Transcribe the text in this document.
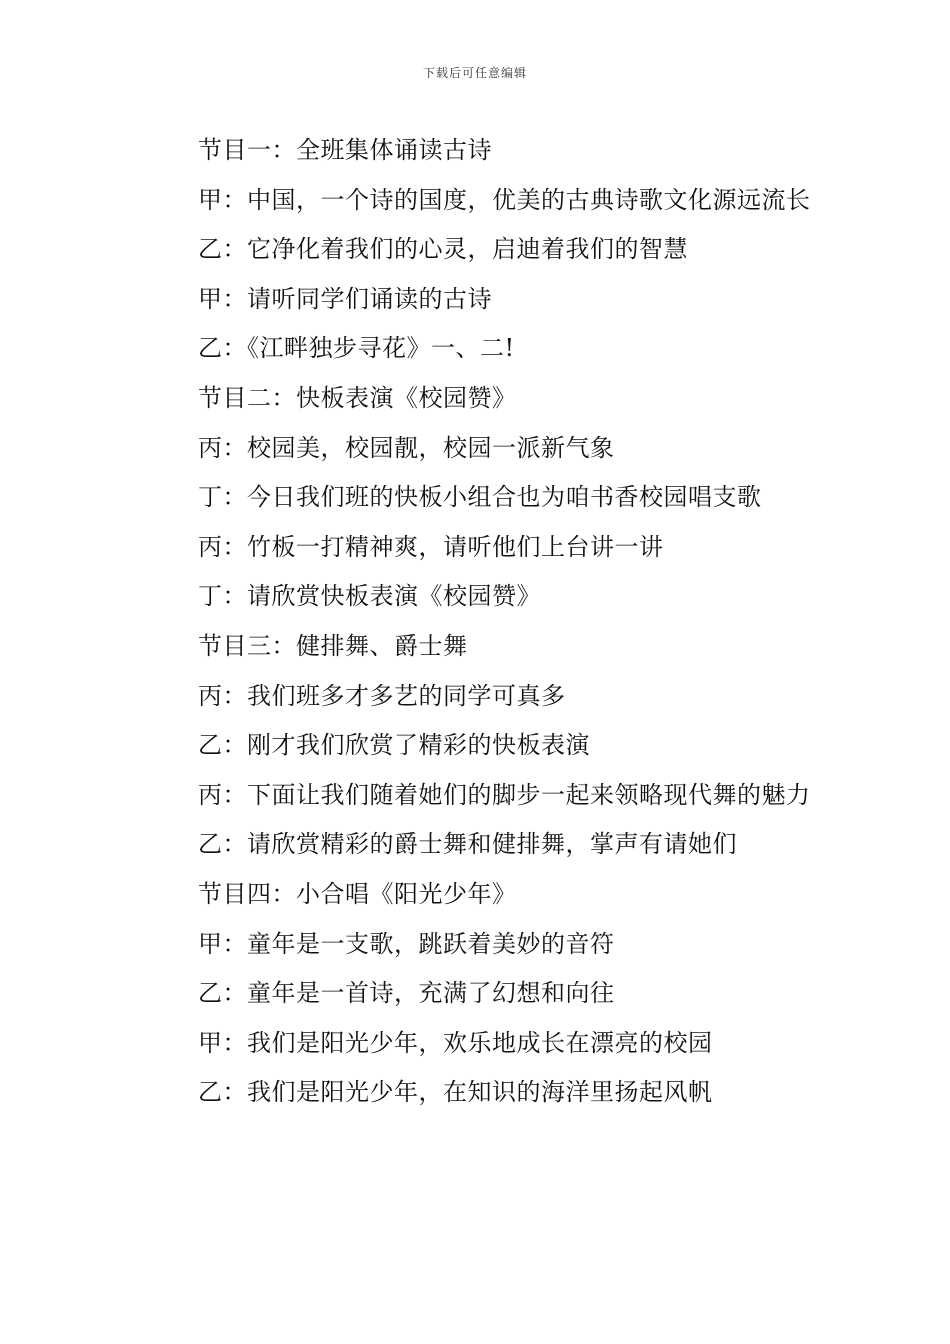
下载后可任意编辑

节目一：全班集体诵读古诗

甲：中国，一个诗的国度，优美的古典诗歌文化源远流长

乙：它净化着我们的心灵，启迪着我们的智慧

甲：请听同学们诵读的古诗

乙：《江畔独步寻花》一、二!

节目二：快板表演《校园赞》

丙：校园美，校园靓，校园一派新气象

丁：今日我们班的快板小组合也为咱书香校园唱支歌

丙：竹板一打精神爽，请听他们上台讲一讲

丁：请欣赏快板表演《校园赞》

节目三：健排舞、爵士舞

丙：我们班多才多艺的同学可真多

乙：刚才我们欣赏了精彩的快板表演

丙：下面让我们随着她们的脚步一起来领略现代舞的魅力

乙：请欣赏精彩的爵士舞和健排舞，掌声有请她们

节目四：小合唱《阳光少年》

甲：童年是一支歌，跳跃着美妙的音符

乙：童年是一首诗，充满了幻想和向往

甲：我们是阳光少年，欢乐地成长在漂亮的校园

乙：我们是阳光少年，在知识的海洋里扬起风帆
